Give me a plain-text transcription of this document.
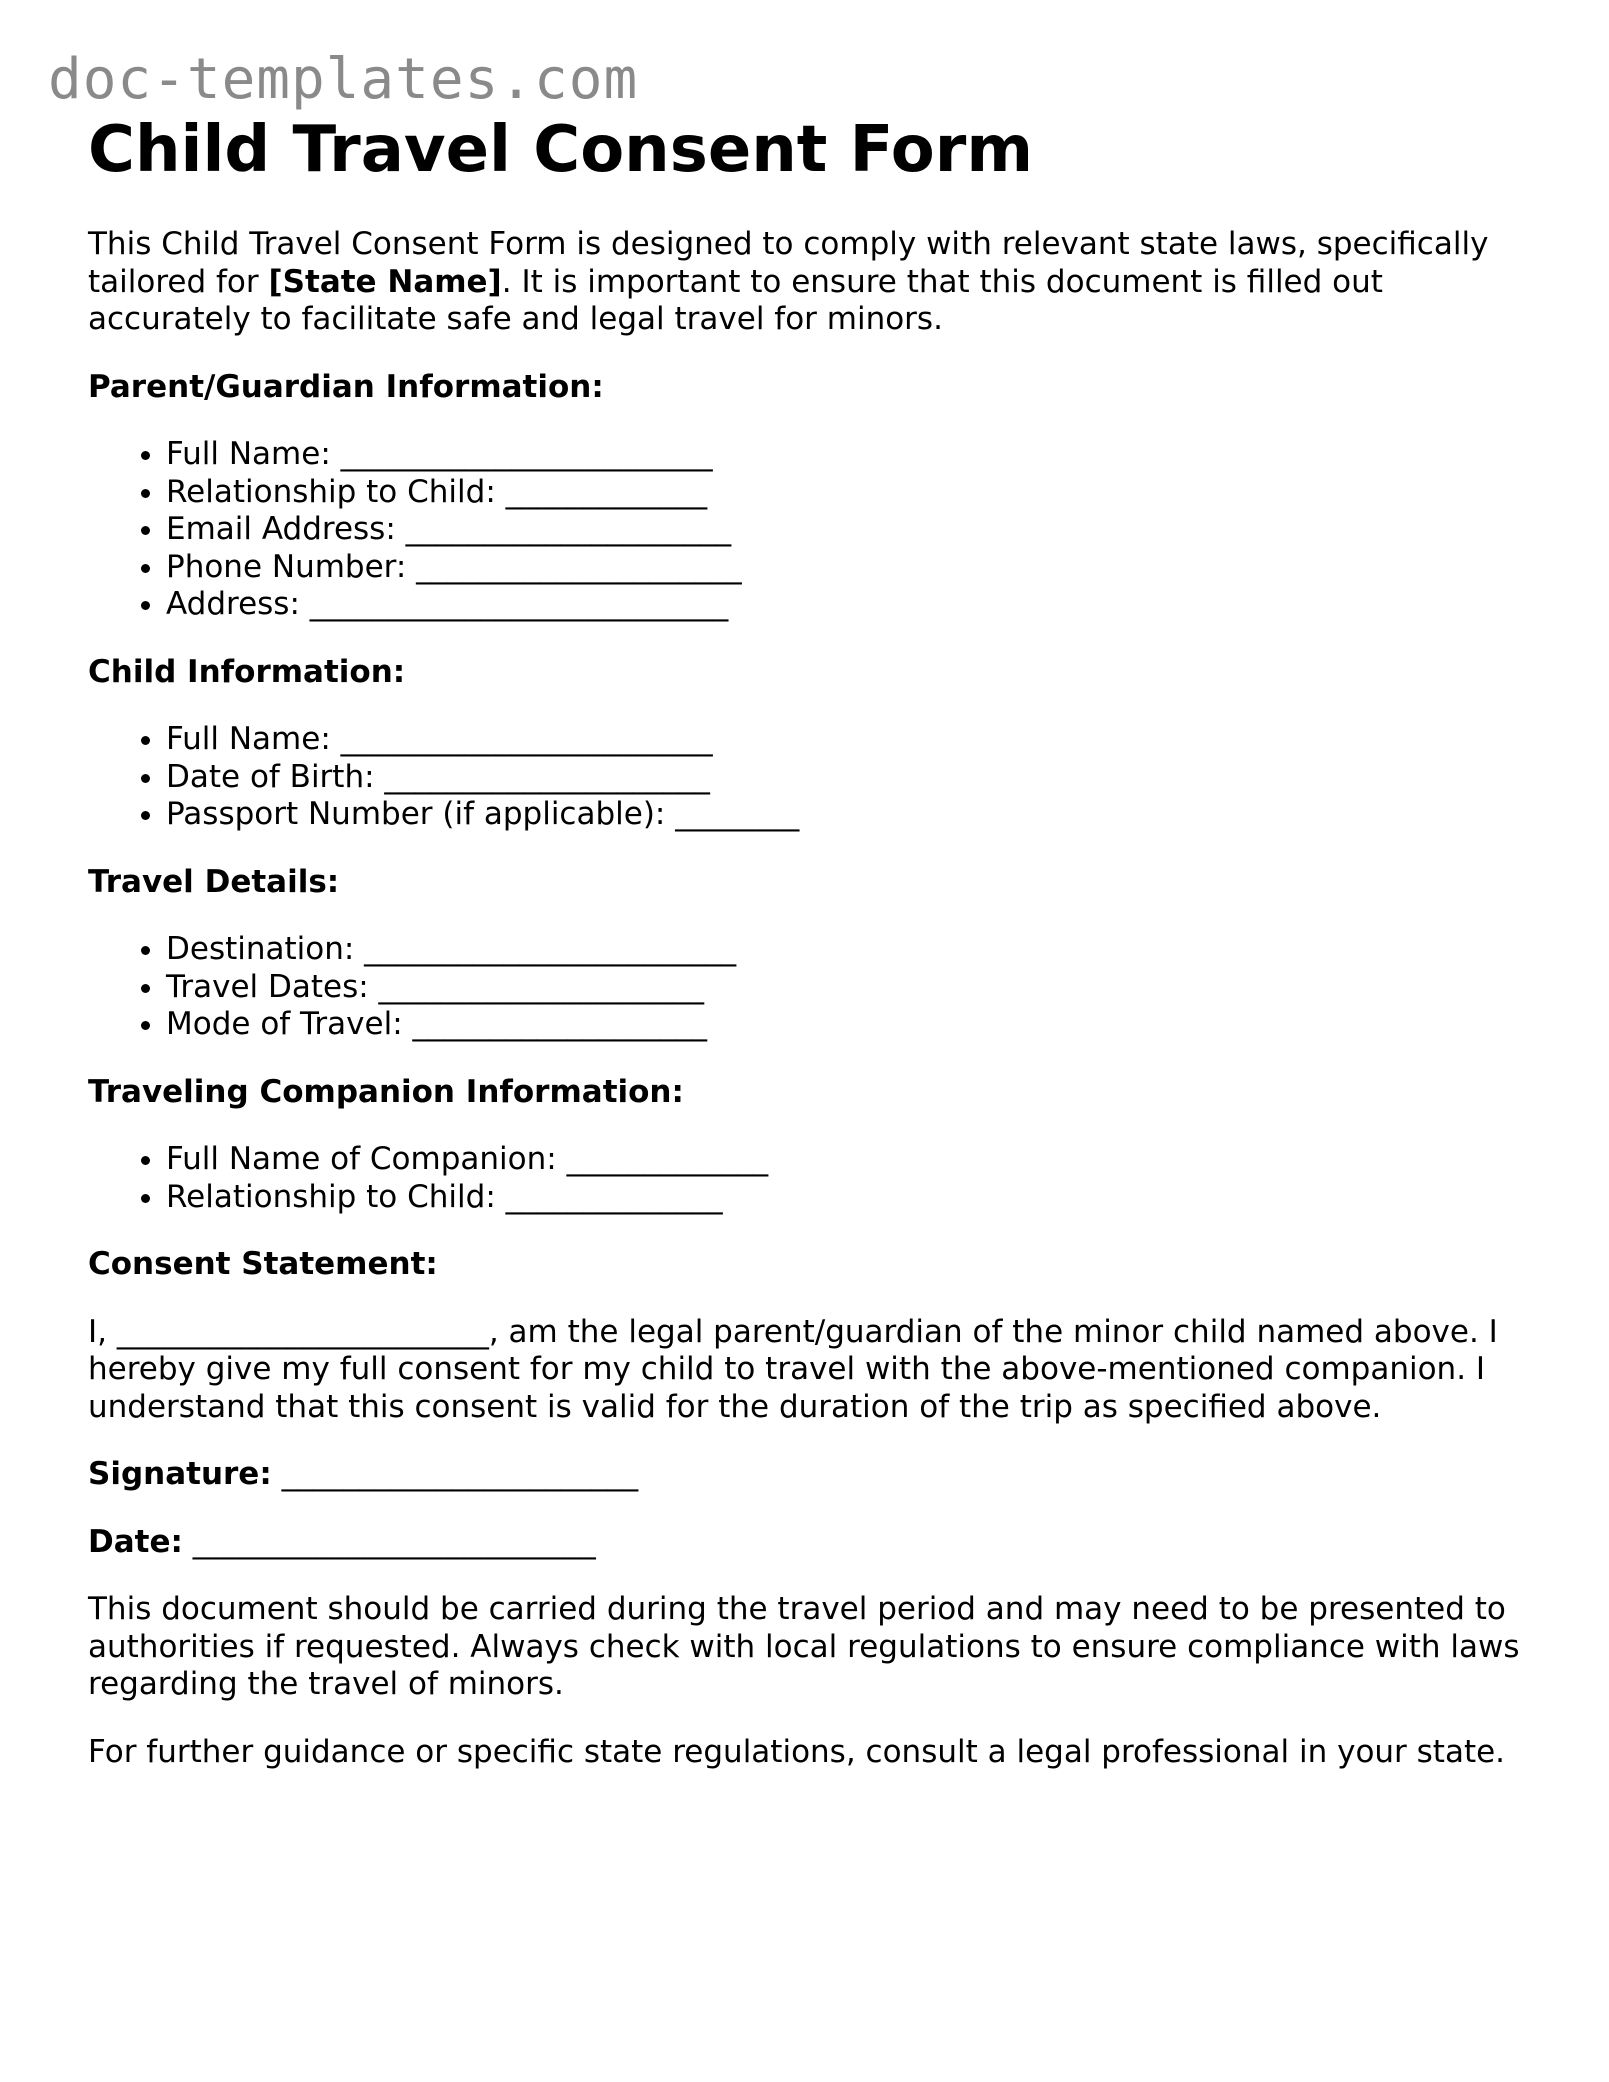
doc-templates.com
Child Travel Consent Form

This Child Travel Consent Form is designed to comply with relevant state laws, specifically tailored for [State Name]. It is important to ensure that this document is filled out accurately to facilitate safe and legal travel for minors.

Parent/Guardian Information:
• Full Name: ________________________
• Relationship to Child: _____________
• Email Address: _____________________
• Phone Number: _____________________
• Address: ___________________________
Child Information:
• Full Name: ________________________
• Date of Birth: _____________________
• Passport Number (if applicable): ________
Travel Details:
• Destination: ________________________
• Travel Dates: _____________________
• Mode of Travel: ___________________
Traveling Companion Information:
• Full Name of Companion: _____________
• Relationship to Child: ______________
Consent Statement:

I, ________________________, am the legal parent/guardian of the minor child named above. I hereby give my full consent for my child to travel with the above-mentioned companion. I understand that this consent is valid for the duration of the trip as specified above.

Signature: _______________________

Date: __________________________

This document should be carried during the travel period and may need to be presented to authorities if requested. Always check with local regulations to ensure compliance with laws regarding the travel of minors.

For further guidance or specific state regulations, consult a legal professional in your state.
